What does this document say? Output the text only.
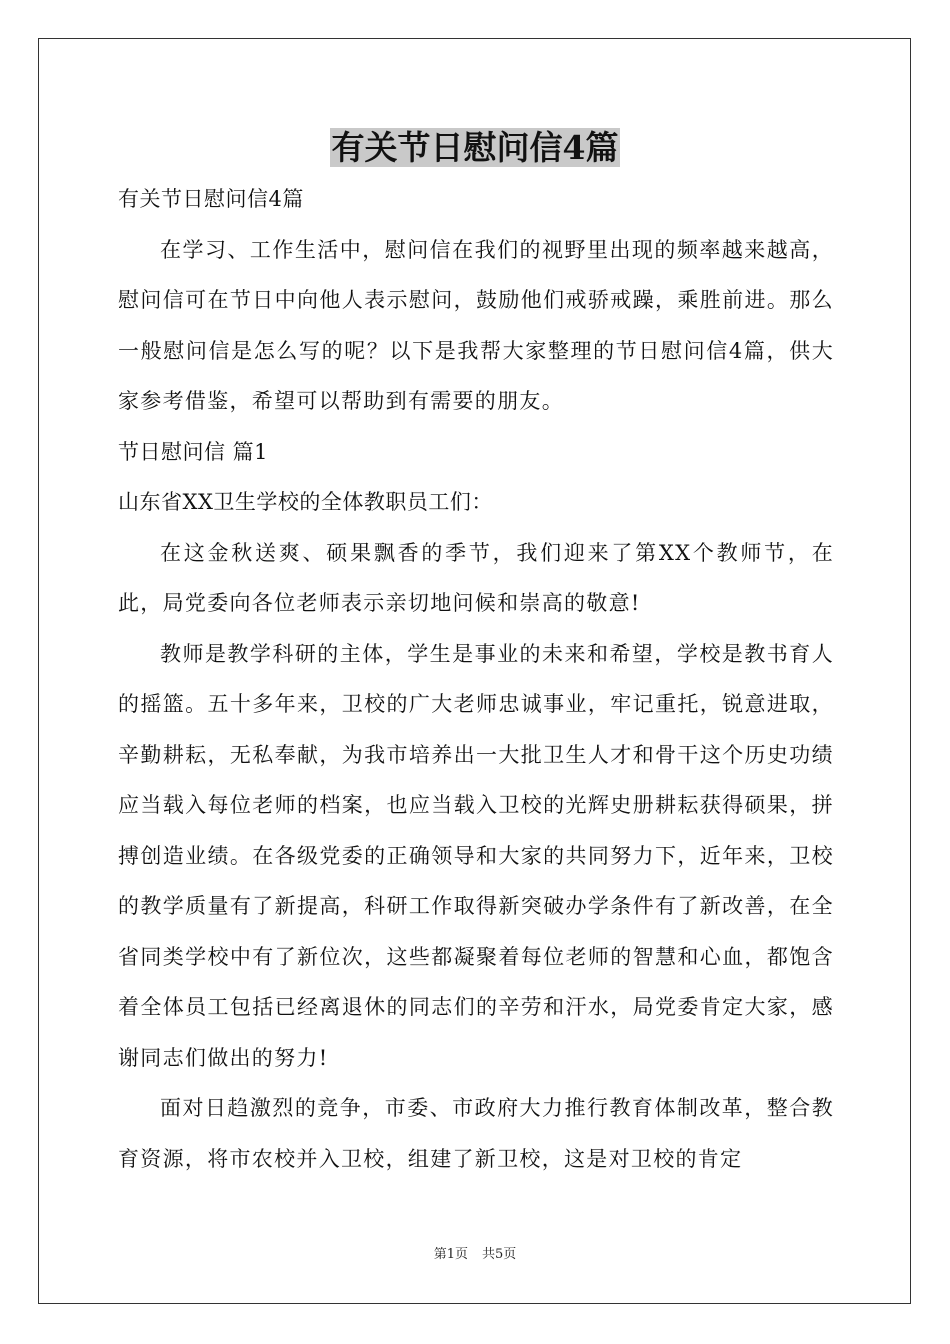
有关节日慰问信4篇

有关节日慰问信4篇

在学习、工作生活中，慰问信在我们的视野里出现的频率越来越高，慰问信可在节日中向他人表示慰问，鼓励他们戒骄戒躁，乘胜前进。那么一般慰问信是怎么写的呢？以下是我帮大家整理的节日慰问信4篇，供大家参考借鉴，希望可以帮助到有需要的朋友。

节日慰问信 篇1

山东省XX卫生学校的全体教职员工们：

在这金秋送爽、硕果飘香的季节，我们迎来了第XX个教师节，在此，局党委向各位老师表示亲切地问候和崇高的敬意!

教师是教学科研的主体，学生是事业的未来和希望，学校是教书育人的摇篮。五十多年来，卫校的广大老师忠诚事业，牢记重托，锐意进取，辛勤耕耘，无私奉献，为我市培养出一大批卫生人才和骨干这个历史功绩应当载入每位老师的档案，也应当载入卫校的光辉史册耕耘获得硕果，拼搏创造业绩。在各级党委的正确领导和大家的共同努力下，近年来，卫校的教学质量有了新提高，科研工作取得新突破办学条件有了新改善，在全省同类学校中有了新位次，这些都凝聚着每位老师的智慧和心血，都饱含着全体员工包括已经离退休的同志们的辛劳和汗水，局党委肯定大家，感谢同志们做出的努力!

面对日趋激烈的竞争，市委、市政府大力推行教育体制改革，整合教育资源，将市农校并入卫校，组建了新卫校，这是对卫校的肯定

第1页 共5页
